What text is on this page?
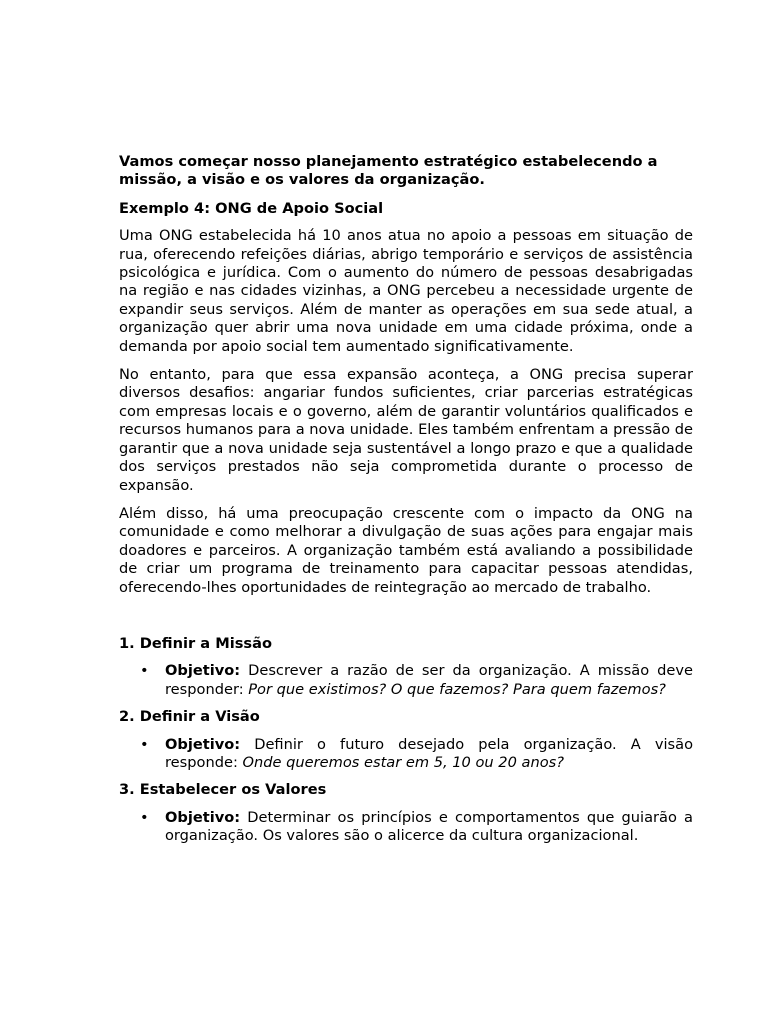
Vamos começar nosso planejamento estratégico estabelecendo a missão, a visão e os valores da organização.

Exemplo 4: ONG de Apoio Social

Uma ONG estabelecida há 10 anos atua no apoio a pessoas em situação de rua, oferecendo refeições diárias, abrigo temporário e serviços de assistência psicológica e jurídica. Com o aumento do número de pessoas desabrigadas na região e nas cidades vizinhas, a ONG percebeu a necessidade urgente de expandir seus serviços. Além de manter as operações em sua sede atual, a organização quer abrir uma nova unidade em uma cidade próxima, onde a demanda por apoio social tem aumentado significativamente.

No entanto, para que essa expansão aconteça, a ONG precisa superar diversos desafios: angariar fundos suficientes, criar parcerias estratégicas com empresas locais e o governo, além de garantir voluntários qualificados e recursos humanos para a nova unidade. Eles também enfrentam a pressão de garantir que a nova unidade seja sustentável a longo prazo e que a qualidade dos serviços prestados não seja comprometida durante o processo de expansão.

Além disso, há uma preocupação crescente com o impacto da ONG na comunidade e como melhorar a divulgação de suas ações para engajar mais doadores e parceiros. A organização também está avaliando a possibilidade de criar um programa de treinamento para capacitar pessoas atendidas, oferecendo-lhes oportunidades de reintegração ao mercado de trabalho.

1. Definir a Missão

• Objetivo: Descrever a razão de ser da organização. A missão deve responder: Por que existimos? O que fazemos? Para quem fazemos?

2. Definir a Visão

• Objetivo: Definir o futuro desejado pela organização. A visão responde: Onde queremos estar em 5, 10 ou 20 anos?

3. Estabelecer os Valores

• Objetivo: Determinar os princípios e comportamentos que guiarão a organização. Os valores são o alicerce da cultura organizacional.
